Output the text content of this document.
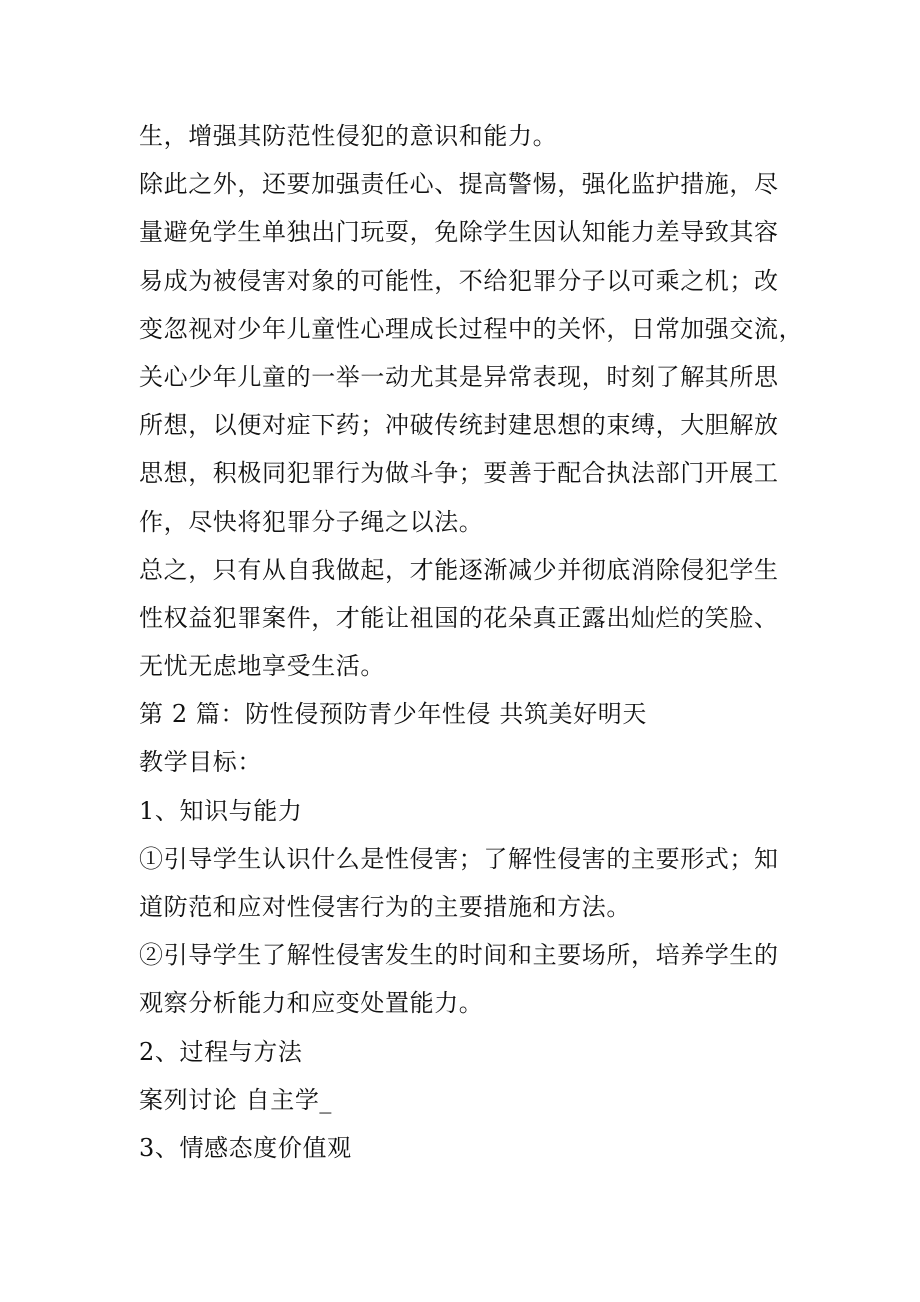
生，增强其防范性侵犯的意识和能力。
除此之外，还要加强责任心、提高警惕，强化监护措施，尽
量避免学生单独出门玩耍，免除学生因认知能力差导致其容
易成为被侵害对象的可能性，不给犯罪分子以可乘之机；改
变忽视对少年儿童性心理成长过程中的关怀，日常加强交流，
关心少年儿童的一举一动尤其是异常表现，时刻了解其所思
所想，以便对症下药；冲破传统封建思想的束缚，大胆解放
思想，积极同犯罪行为做斗争；要善于配合执法部门开展工
作，尽快将犯罪分子绳之以法。
总之，只有从自我做起，才能逐渐减少并彻底消除侵犯学生
性权益犯罪案件，才能让祖国的花朵真正露出灿烂的笑脸、
无忧无虑地享受生活。
第 2 篇：防性侵预防青少年性侵 共筑美好明天
教学目标：
1、知识与能力
①引导学生认识什么是性侵害；了解性侵害的主要形式；知
道防范和应对性侵害行为的主要措施和方法。
②引导学生了解性侵害发生的时间和主要场所，培养学生的
观察分析能力和应变处置能力。
2、过程与方法
案列讨论 自主学_
3、情感态度价值观
